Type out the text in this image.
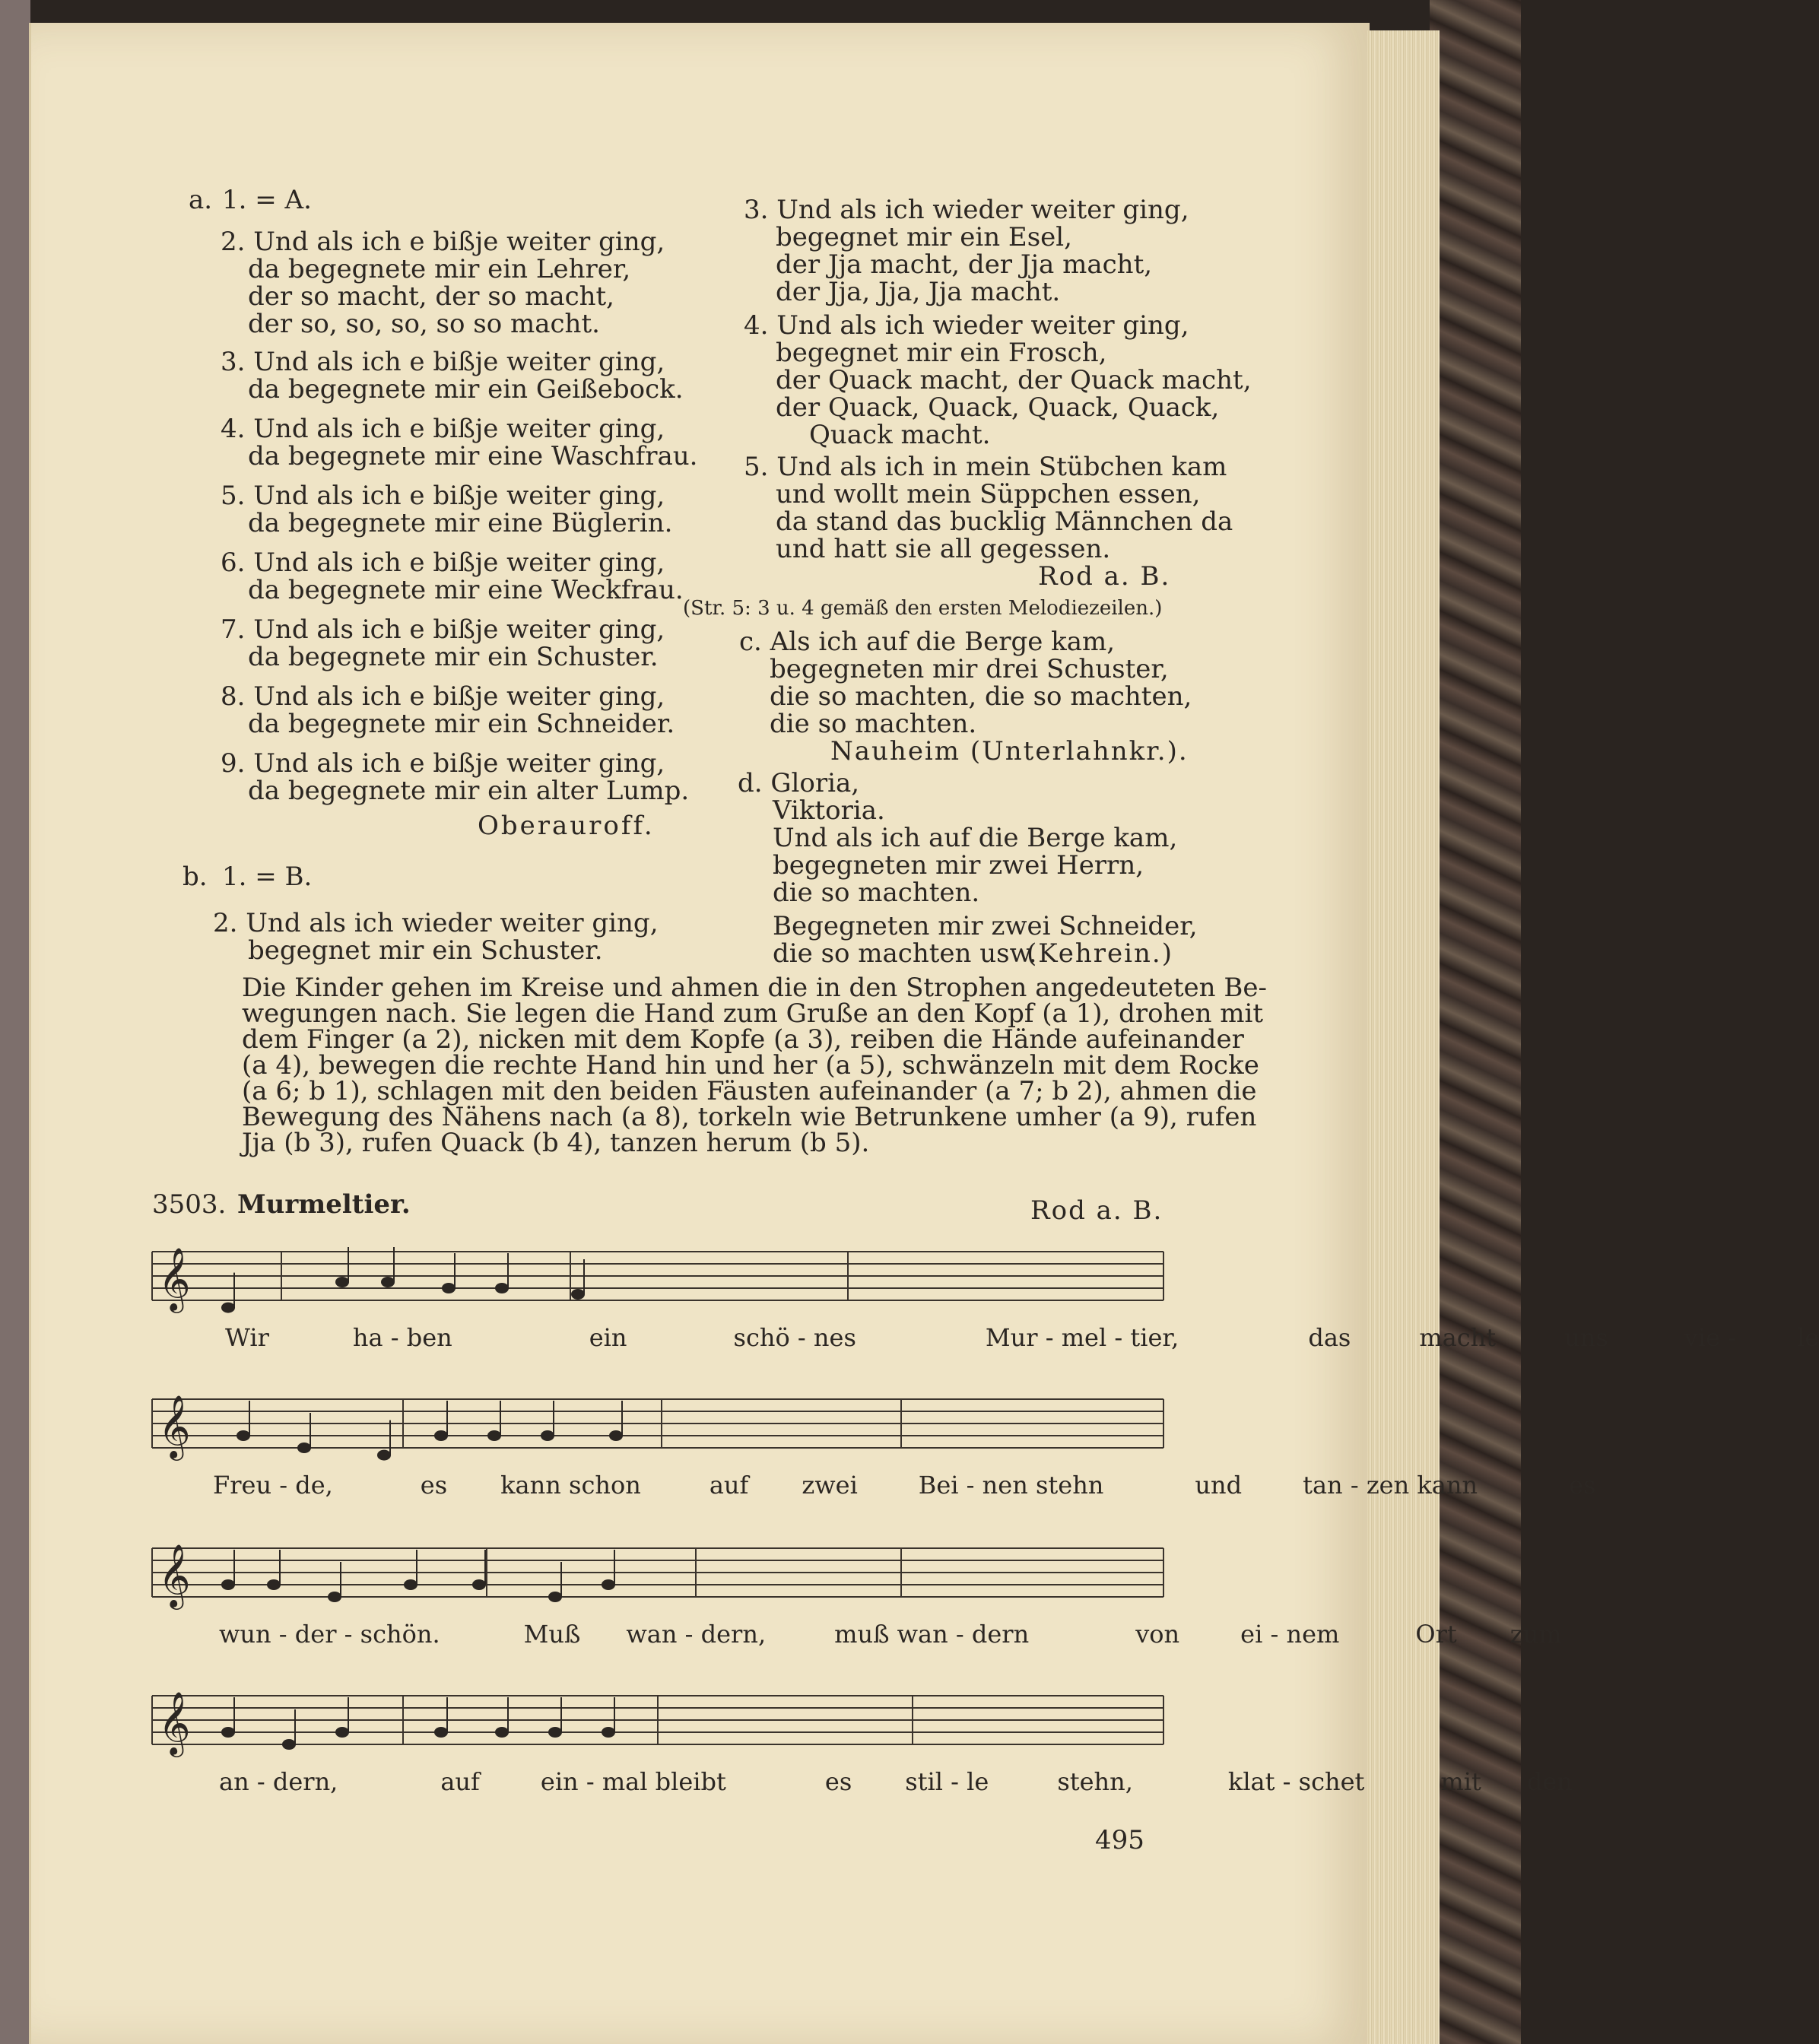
a. 1. = A.
2. Und als ich e bißje weiter ging,
da begegnete mir ein Lehrer,
der so macht, der so macht,
der so, so, so, so so macht.
3. Und als ich e bißje weiter ging,
da begegnete mir ein Geißebock.
4. Und als ich e bißje weiter ging,
da begegnete mir eine Waschfrau.
5. Und als ich e bißje weiter ging,
da begegnete mir eine Büglerin.
6. Und als ich e bißje weiter ging,
da begegnete mir eine Weckfrau.
7. Und als ich e bißje weiter ging,
da begegnete mir ein Schuster.
8. Und als ich e bißje weiter ging,
da begegnete mir ein Schneider.
9. Und als ich e bißje weiter ging,
da begegnete mir ein alter Lump.
Oberauroff.
b. 1. = B.
2. Und als ich wieder weiter ging,
begegnet mir ein Schuster.
3. Und als ich wieder weiter ging,
begegnet mir ein Esel,
der Jja macht, der Jja macht,
der Jja, Jja, Jja macht.
4. Und als ich wieder weiter ging,
begegnet mir ein Frosch,
der Quack macht, der Quack macht,
der Quack, Quack, Quack, Quack,
Quack macht.
5. Und als ich in mein Stübchen kam
und wollt mein Süppchen essen,
da stand das bucklig Männchen da
und hatt sie all gegessen.
Rod a. B.
(Str. 5: 3 u. 4 gemäß den ersten Melodiezeilen.)
c. Als ich auf die Berge kam,
begegneten mir drei Schuster,
die so machten, die so machten,
die so machten.
Nauheim (Unterlahnkr.).
d. Gloria,
Viktoria.
Und als ich auf die Berge kam,
begegneten mir zwei Herrn,
die so machten.
Begegneten mir zwei Schneider,
die so machten usw.
(Kehrein.)
Die Kinder gehen im Kreise und ahmen die in den Strophen angedeuteten Be-
wegungen nach. Sie legen die Hand zum Gruße an den Kopf (a 1), drohen mit
dem Finger (a 2), nicken mit dem Kopfe (a 3), reiben die Hände aufeinander
(a 4), bewegen die rechte Hand hin und her (a 5), schwänzeln mit dem Rocke
(a 6; b 1), schlagen mit den beiden Fäusten aufeinander (a 7; b 2), ahmen die
Bewegung des Nähens nach (a 8), torkeln wie Betrunkene umher (a 9), rufen
Jja (b 3), rufen Quack (b 4), tanzen herum (b 5).
3503. Murmeltier.	Rod a. B.
𝄞
Wir	ha - ben	ein	schö - nes	Mur - mel - tier,	das	macht	uns	vie -	le
𝄞
Freu - de,	es kann schon	auf zwei	Bei - nen stehn	und	tan - zen kann	es
𝄞
wun - der - schön.	Muß wan - dern,	muß wan - dern	von	ei - nem	Ort zum
𝄞
an - dern,	auf	ein - mal bleibt	es stil - le	stehn,	klat - schet	mit den
495
